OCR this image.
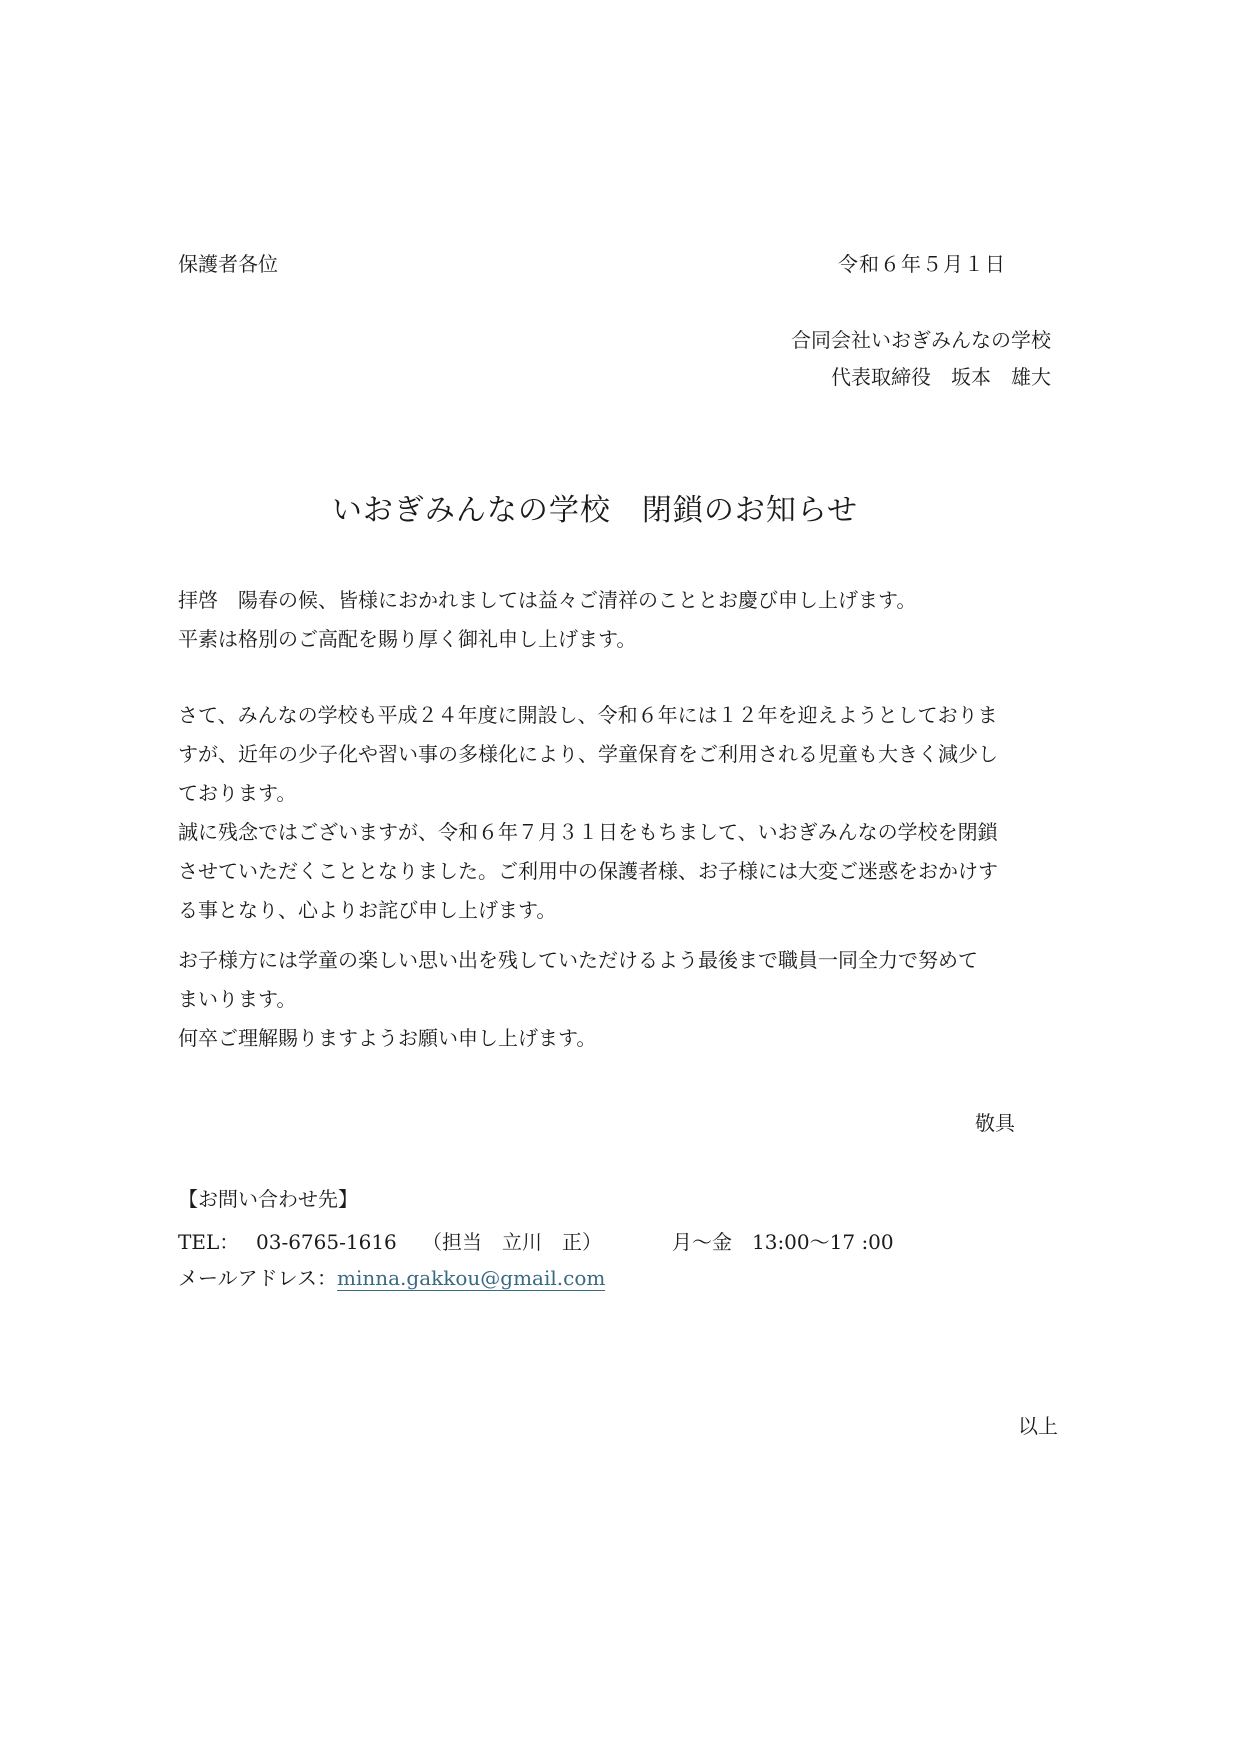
保護者各位	令和６年５月１日
合同会社いおぎみんなの学校
代表取締役　坂本　雄大
いおぎみんなの学校　閉鎖のお知らせ

拝啓　陽春の候、皆様におかれましては益々ご清祥のこととお慶び申し上げます。

平素は格別のご高配を賜り厚く御礼申し上げます。

さて、みんなの学校も平成２４年度に開設し、令和６年には１２年を迎えようとしておりま

すが、近年の少子化や習い事の多様化により、学童保育をご利用される児童も大きく減少し

ております。

誠に残念ではございますが、令和６年７月３１日をもちまして、いおぎみんなの学校を閉鎖

させていただくこととなりました。ご利用中の保護者様、お子様には大変ご迷惑をおかけす

る事となり、心よりお詫び申し上げます。

お子様方には学童の楽しい思い出を残していただけるよう最後まで職員一同全力で努めて

まいります。

何卒ご理解賜りますようお願い申し上げます。

敬具
【お問い合わせ先】
TEL： 03-6765-1616 （担当　立川　正）	月～金　13:00～17 :00
メールアドレス：minna.gakkou@gmail.com
以上
